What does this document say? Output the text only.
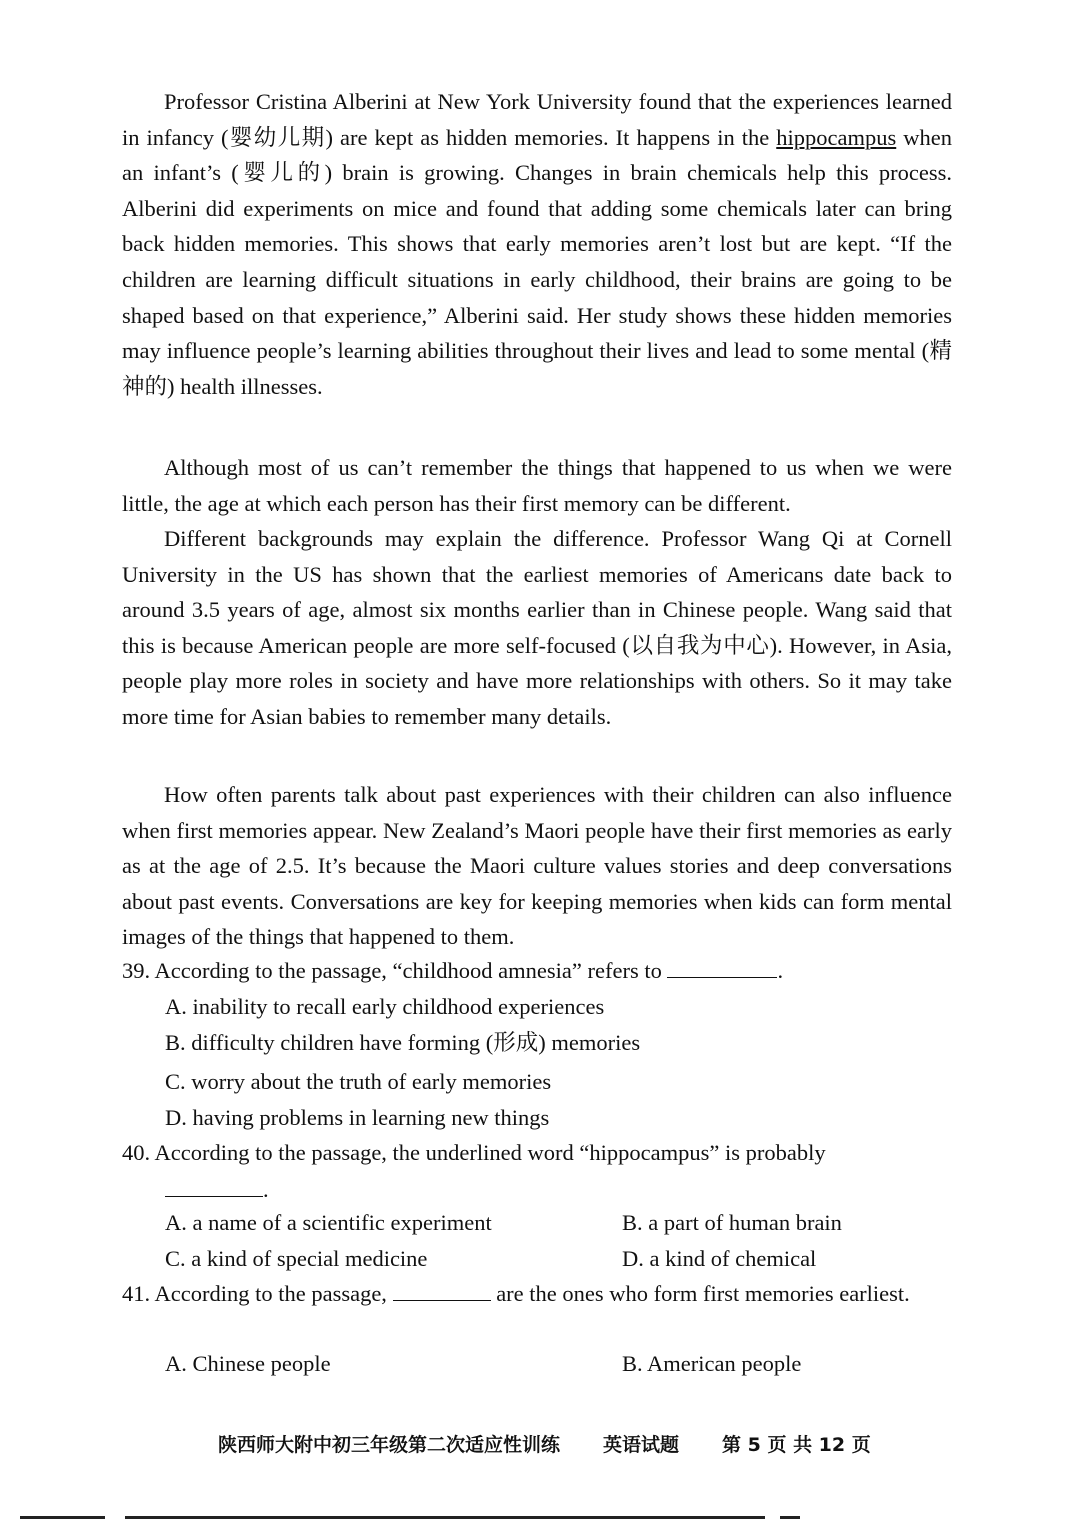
Professor Cristina Alberini at New York University found that the experiences learned in infancy (婴幼儿期) are kept as hidden memories. It happens in the hippocampus when an infant’s (婴儿的) brain is growing. Changes in brain chemicals help this process. Alberini did experiments on mice and found that adding some chemicals later can bring back hidden memories. This shows that early memories aren’t lost but are kept. “If the children are learning difficult situations in early childhood, their brains are going to be shaped based on that experience,” Alberini said. Her study shows these hidden memories may influence people’s learning abilities throughout their lives and lead to some mental (精神的) health illnesses.

Although most of us can’t remember the things that happened to us when we were little, the age at which each person has their first memory can be different.

Different backgrounds may explain the difference. Professor Wang Qi at Cornell University in the US has shown that the earliest memories of Americans date back to around 3.5 years of age, almost six months earlier than in Chinese people. Wang said that this is because American people are more self-focused (以自我为中心). However, in Asia, people play more roles in society and have more relationships with others. So it may take more time for Asian babies to remember many details.

How often parents talk about past experiences with their children can also influence when first memories appear. New Zealand’s Maori people have their first memories as early as at the age of 2.5. It’s because the Maori culture values stories and deep conversations about past events. Conversations are key for keeping memories when kids can form mental images of the things that happened to them.

39. According to the passage, “childhood amnesia” refers to	.

A. inability to recall early childhood experiences

B. difficulty children have forming (形成) memories

C. worry about the truth of early memories

D. having problems in learning new things

40. According to the passage, the underlined word “hippocampus” is probably

.

A. a name of a scientific experiment	B. a part of human brain

C. a kind of special medicine	D. a kind of chemical

41. According to the passage,	are the ones who form first memories earliest.

A. Chinese people	B. American people

陕西师大附中初三年级第二次适应性训练 英语试题 第 5 页 共 12 页
